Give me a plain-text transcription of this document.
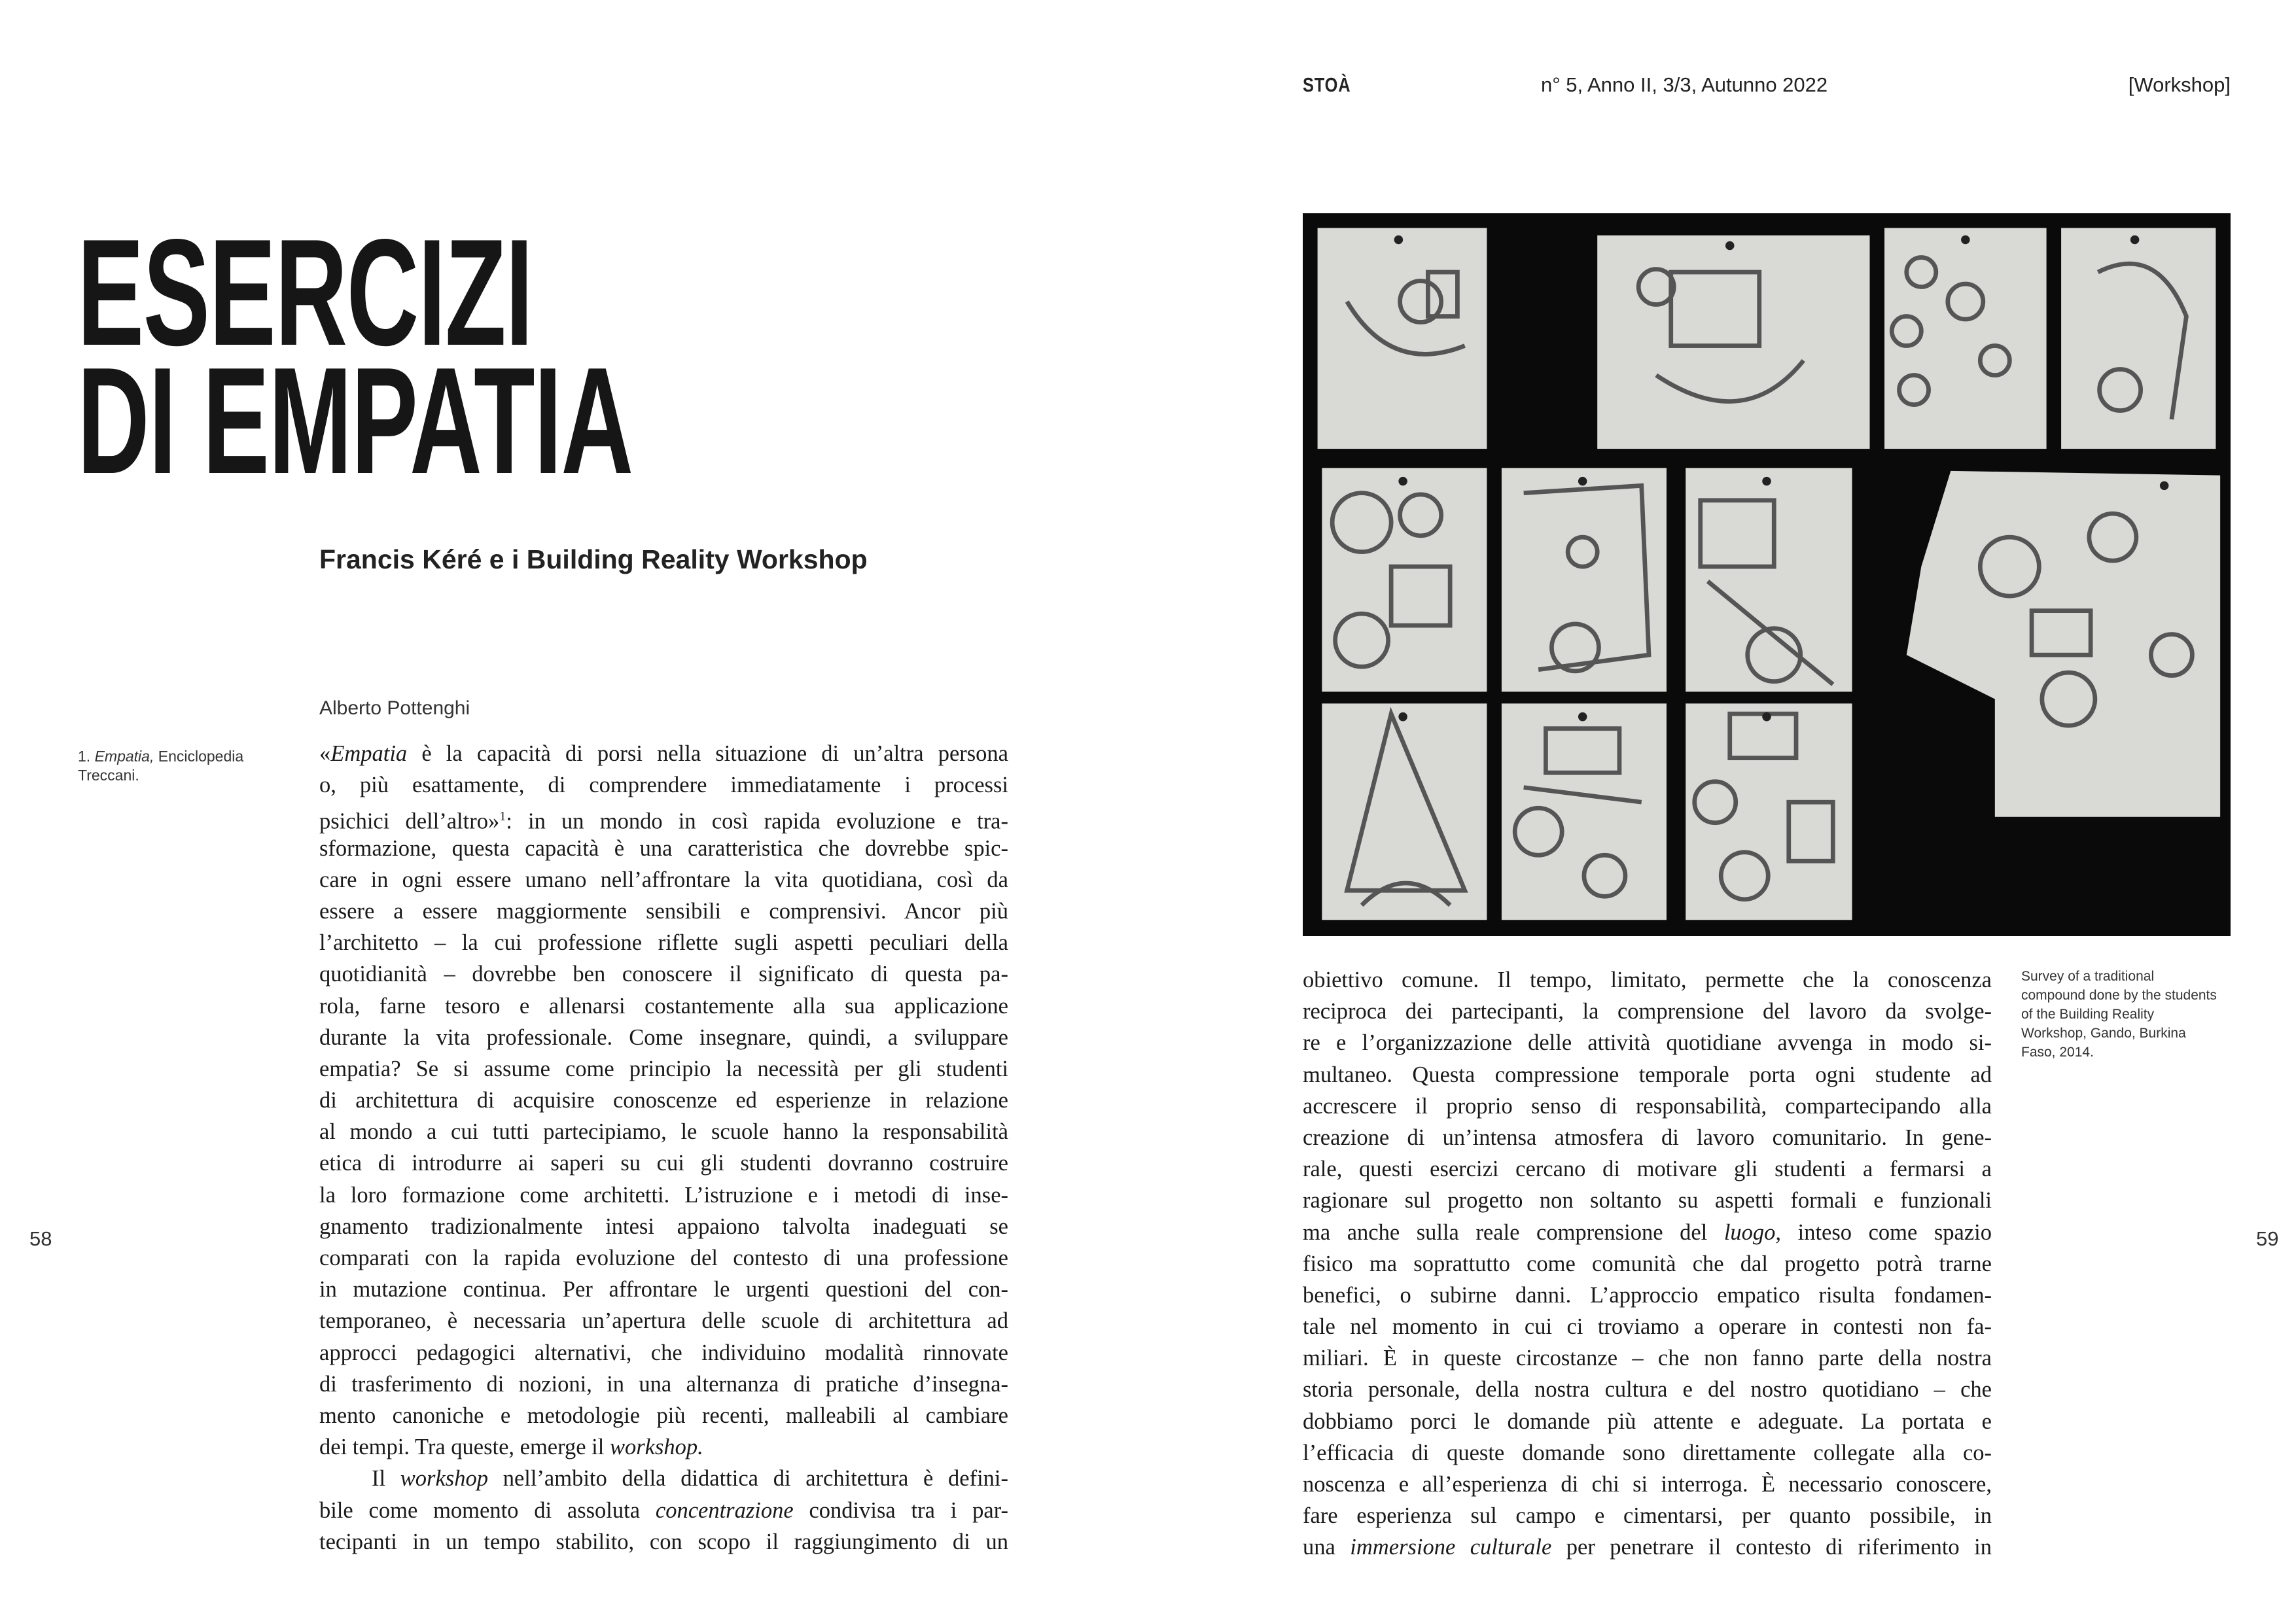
STOÀ	n° 5, Anno II, 3/3, Autunno 2022	[Workshop]
ESERCIZI
DI EMPATIA
Francis Kéré e i Building Reality Workshop
Alberto Pottenghi
1. Empatia, Enciclopedia Treccani.
«Empatia è la capacità di porsi nella situazione di un’altra persona
o, più esattamente, di comprendere immediatamente i processi
psichici dell’altro»$^1$: in un mondo in così rapida evoluzione e tra-
sformazione, questa capacità è una caratteristica che dovrebbe spic-
care in ogni essere umano nell’affrontare la vita quotidiana, così da
essere a essere maggiormente sensibili e comprensivi. Ancor più
l’architetto – la cui professione riflette sugli aspetti peculiari della
quotidianità – dovrebbe ben conoscere il significato di questa pa-
rola, farne tesoro e allenarsi costantemente alla sua applicazione
durante la vita professionale. Come insegnare, quindi, a sviluppare
empatia? Se si assume come principio la necessità per gli studenti
di architettura di acquisire conoscenze ed esperienze in relazione
al mondo a cui tutti partecipiamo, le scuole hanno la responsabilità
etica di introdurre ai saperi su cui gli studenti dovranno costruire
la loro formazione come architetti. L’istruzione e i metodi di inse-
gnamento tradizionalmente intesi appaiono talvolta inadeguati se
comparati con la rapida evoluzione del contesto di una professione
in mutazione continua. Per affrontare le urgenti questioni del con-
temporaneo, è necessaria un’apertura delle scuole di architettura ad
approcci pedagogici alternativi, che individuino modalità rinnovate
di trasferimento di nozioni, in una alternanza di pratiche d’insegna-
mento canoniche e metodologie più recenti, malleabili al cambiare
dei tempi. Tra queste, emerge il workshop.
Il workshop nell’ambito della didattica di architettura è defini-
bile come momento di assoluta concentrazione condivisa tra i par-
tecipanti in un tempo stabilito, con scopo il raggiungimento di un
obiettivo comune. Il tempo, limitato, permette che la conoscenza
reciproca dei partecipanti, la comprensione del lavoro da svolge-
re e l’organizzazione delle attività quotidiane avvenga in modo si-
multaneo. Questa compressione temporale porta ogni studente ad
accrescere il proprio senso di responsabilità, compartecipando alla
creazione di un’intensa atmosfera di lavoro comunitario. In gene-
rale, questi esercizi cercano di motivare gli studenti a fermarsi a
ragionare sul progetto non soltanto su aspetti formali e funzionali
ma anche sulla reale comprensione del luogo, inteso come spazio
fisico ma soprattutto come comunità che dal progetto potrà trarne
benefici, o subirne danni. L’approccio empatico risulta fondamen-
tale nel momento in cui ci troviamo a operare in contesti non fa-
miliari. È in queste circostanze – che non fanno parte della nostra
storia personale, della nostra cultura e del nostro quotidiano – che
dobbiamo porci le domande più attente e adeguate. La portata e
l’efficacia di queste domande sono direttamente collegate alla co-
noscenza e all’esperienza di chi si interroga. È necessario conoscere,
fare esperienza sul campo e cimentarsi, per quanto possibile, in
una immersione culturale per penetrare il contesto di riferimento in
58	59
Survey of a traditional compound done by the students of the Building Reality Workshop, Gando, Burkina Faso, 2014.
